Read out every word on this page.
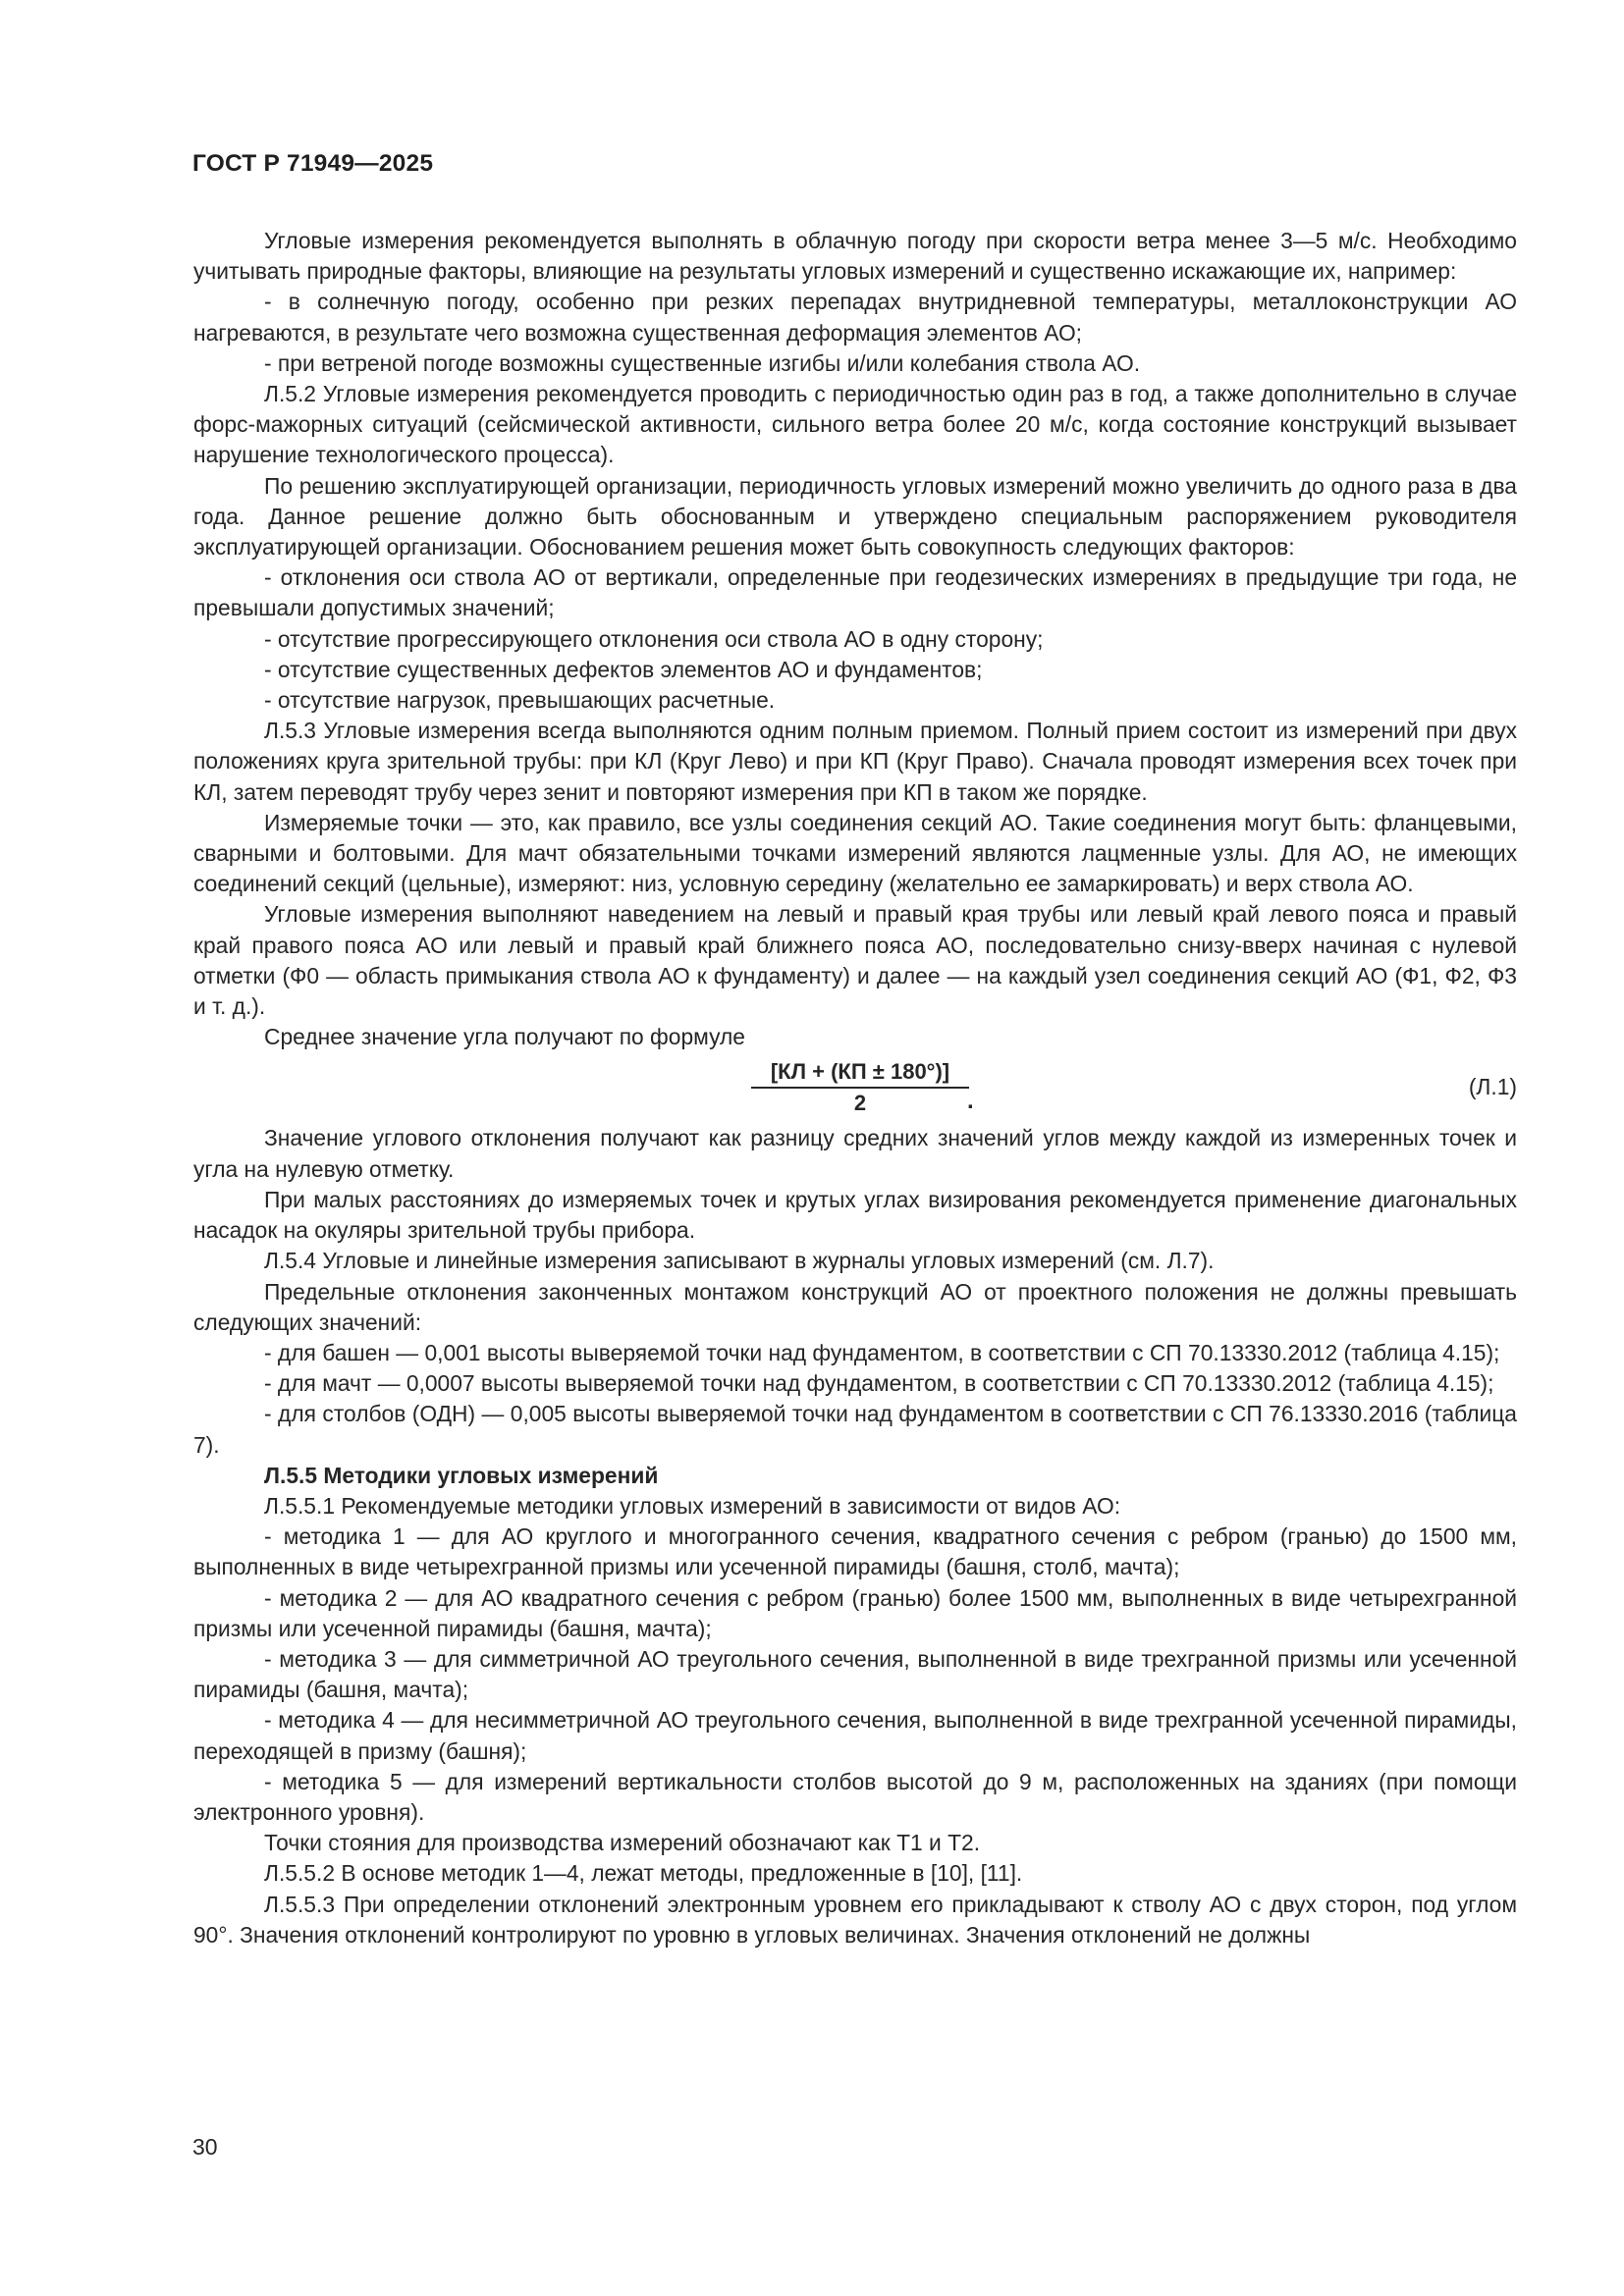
ГОСТ Р 71949—2025

Угловые измерения рекомендуется выполнять в облачную погоду при скорости ветра менее 3—5 м/с. Необходимо учитывать природные факторы, влияющие на результаты угловых измерений и существенно искажающие их, например:

- в солнечную погоду, особенно при резких перепадах внутридневной температуры, металлоконструкции АО нагреваются, в результате чего возможна существенная деформация элементов АО;

- при ветреной погоде возможны существенные изгибы и/или колебания ствола АО.

Л.5.2 Угловые измерения рекомендуется проводить с периодичностью один раз в год, а также дополнительно в случае форс-мажорных ситуаций (сейсмической активности, сильного ветра более 20 м/с, когда состояние конструкций вызывает нарушение технологического процесса).

По решению эксплуатирующей организации, периодичность угловых измерений можно увеличить до одного раза в два года. Данное решение должно быть обоснованным и утверждено специальным распоряжением руководителя эксплуатирующей организации. Обоснованием решения может быть совокупность следующих факторов:

- отклонения оси ствола АО от вертикали, определенные при геодезических измерениях в предыдущие три года, не превышали допустимых значений;

- отсутствие прогрессирующего отклонения оси ствола АО в одну сторону;

- отсутствие существенных дефектов элементов АО и фундаментов;

- отсутствие нагрузок, превышающих расчетные.

Л.5.3 Угловые измерения всегда выполняются одним полным приемом. Полный прием состоит из измерений при двух положениях круга зрительной трубы: при КЛ (Круг Лево) и при КП (Круг Право). Сначала проводят измерения всех точек при КЛ, затем переводят трубу через зенит и повторяют измерения при КП в таком же порядке.

Измеряемые точки — это, как правило, все узлы соединения секций АО. Такие соединения могут быть: фланцевыми, сварными и болтовыми. Для мачт обязательными точками измерений являются лацменные узлы. Для АО, не имеющих соединений секций (цельные), измеряют: низ, условную середину (желательно ее замаркировать) и верх ствола АО.

Угловые измерения выполняют наведением на левый и правый края трубы или левый край левого пояса и правый край правого пояса АО или левый и правый край ближнего пояса АО, последовательно снизу-вверх начиная с нулевой отметки (Ф0 — область примыкания ствола АО к фундаменту) и далее — на каждый узел соединения секций АО (Ф1, Ф2, Ф3 и т. д.).

Среднее значение угла получают по формуле

[КЛ + (КП ± 180°)]
2	.
(Л.1)

Значение углового отклонения получают как разницу средних значений углов между каждой из измеренных точек и угла на нулевую отметку.

При малых расстояниях до измеряемых точек и крутых углах визирования рекомендуется применение диагональных насадок на окуляры зрительной трубы прибора.

Л.5.4 Угловые и линейные измерения записывают в журналы угловых измерений (см. Л.7).

Предельные отклонения законченных монтажом конструкций АО от проектного положения не должны превышать следующих значений:

- для башен — 0,001 высоты выверяемой точки над фундаментом, в соответствии с СП 70.13330.2012 (таблица 4.15);

- для мачт — 0,0007 высоты выверяемой точки над фундаментом, в соответствии с СП 70.13330.2012 (таблица 4.15);

- для столбов (ОДН) — 0,005 высоты выверяемой точки над фундаментом в соответствии с СП 76.13330.2016 (таблица 7).

Л.5.5 Методики угловых измерений

Л.5.5.1 Рекомендуемые методики угловых измерений в зависимости от видов АО:

- методика 1 — для АО круглого и многогранного сечения, квадратного сечения с ребром (гранью) до 1500 мм, выполненных в виде четырехгранной призмы или усеченной пирамиды (башня, столб, мачта);

- методика 2 — для АО квадратного сечения с ребром (гранью) более 1500 мм, выполненных в виде четырехгранной призмы или усеченной пирамиды (башня, мачта);

- методика 3 — для симметричной АО треугольного сечения, выполненной в виде трехгранной призмы или усеченной пирамиды (башня, мачта);

- методика 4 — для несимметричной АО треугольного сечения, выполненной в виде трехгранной усеченной пирамиды, переходящей в призму (башня);

- методика 5 — для измерений вертикальности столбов высотой до 9 м, расположенных на зданиях (при помощи электронного уровня).

Точки стояния для производства измерений обозначают как Т1 и Т2.

Л.5.5.2 В основе методик 1—4, лежат методы, предложенные в [10], [11].

Л.5.5.3 При определении отклонений электронным уровнем его прикладывают к стволу АО с двух сторон, под углом 90°. Значения отклонений контролируют по уровню в угловых величинах. Значения отклонений не должны

30
